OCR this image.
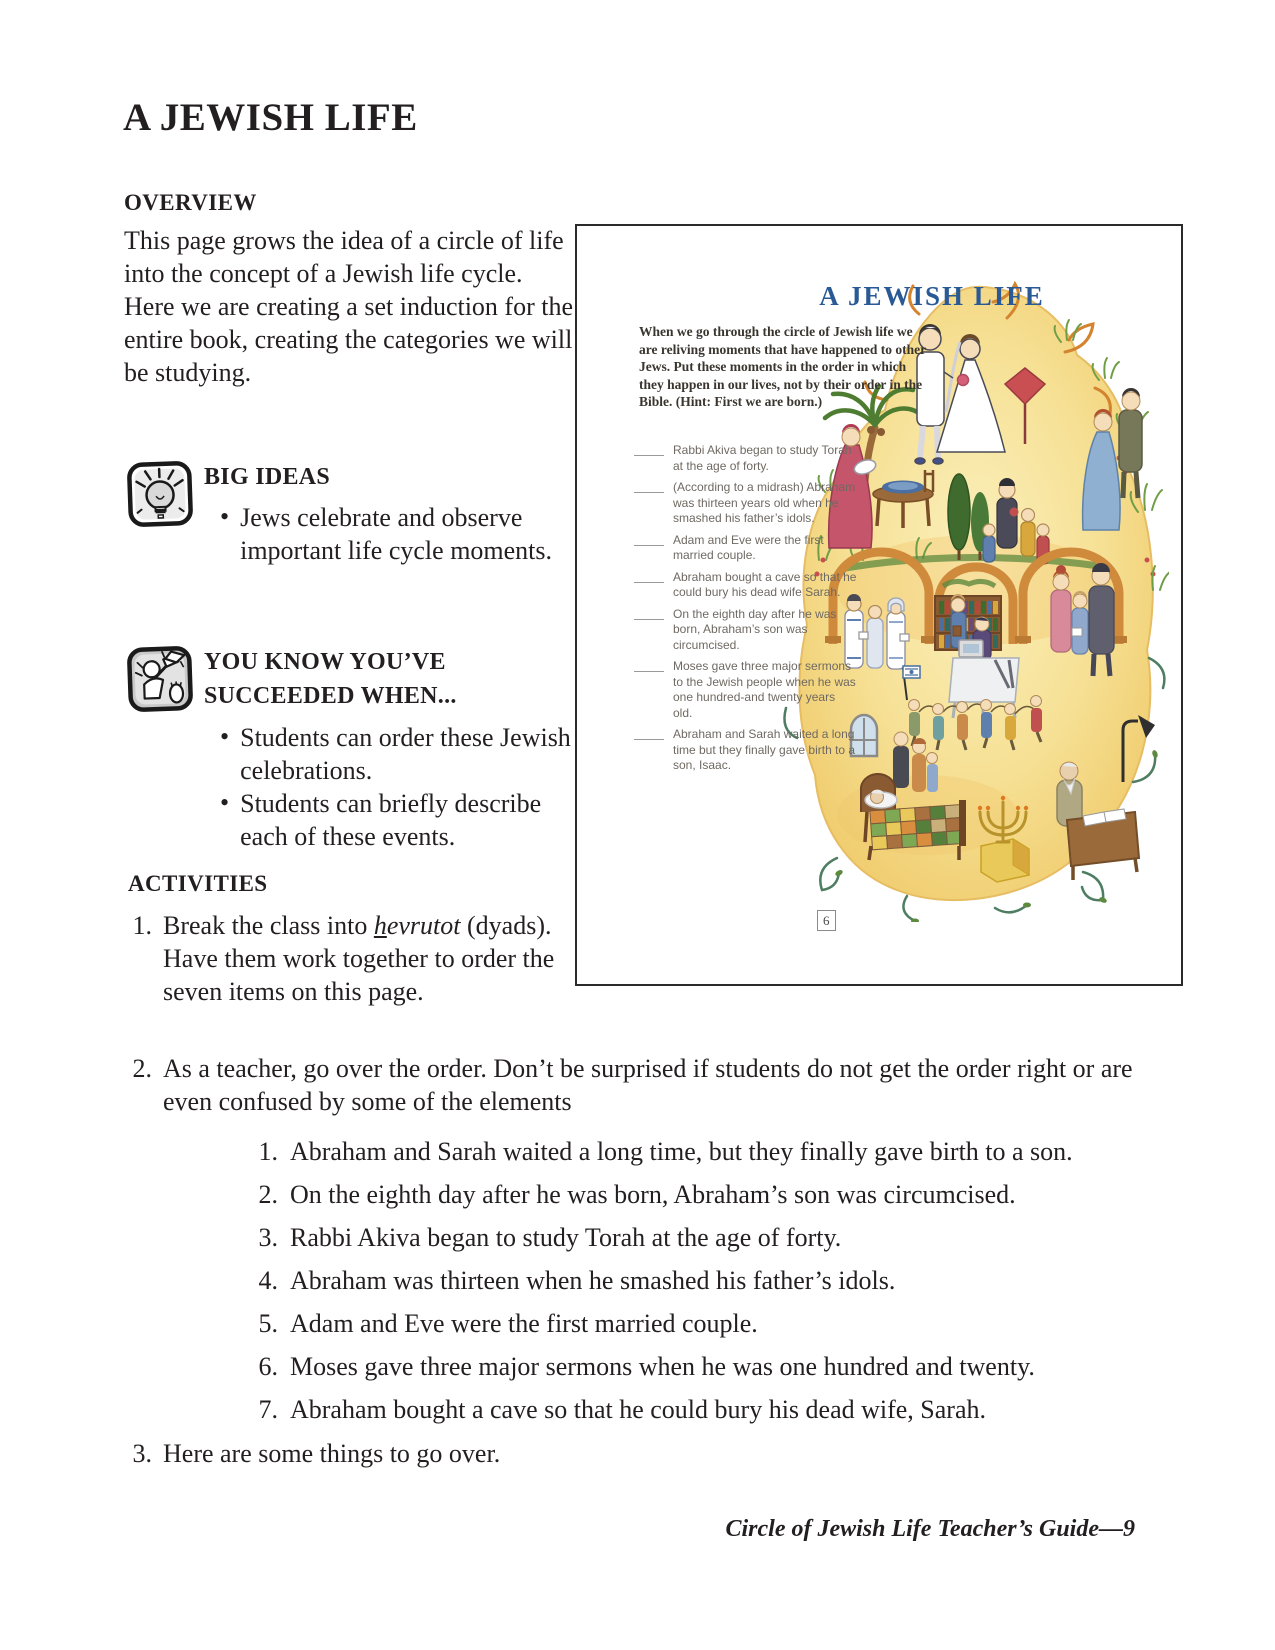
A JEWISH LIFE
OVERVIEW
This page grows the idea of a circle of life into the concept of a Jewish life cycle. Here we are creating a set induction for the entire book, creating the categories we will be studying.
BIG IDEAS
• Jews celebrate and observe important life cycle moments.
YOU KNOW YOU’VE SUCCEEDED WHEN...
• Students can order these Jewish celebrations.
• Students can briefly describe each of these events.
ACTIVITIES
1. Break the class into hevrutot (dyads). Have them work together to order the seven items on this page.
2. As a teacher, go over the order. Don’t be surprised if students do not get the order right or are even confused by some of the elements
1. Abraham and Sarah waited a long time, but they finally gave birth to a son.
2. On the eighth day after he was born, Abraham’s son was circumcised.
3. Rabbi Akiva began to study Torah at the age of forty.
4. Abraham was thirteen when he smashed his father’s idols.
5. Adam and Eve were the first married couple.
6. Moses gave three major sermons when he was one hundred and twenty.
7. Abraham bought a cave so that he could bury his dead wife, Sarah.
3. Here are some things to go over.
Circle of Jewish Life Teacher’s Guide—9
A JEWISH LIFE
When we go through the circle of Jewish life we are reliving moments that have happened to other Jews. Put these moments in the order in which they happen in our lives, not by their order in the Bible. (Hint: First we are born.)
Rabbi Akiva began to study Torah at the age of forty.
(According to a midrash) Abraham was thirteen years old when he smashed his father’s idols.
Adam and Eve were the first married couple.
Abraham bought a cave so that he could bury his dead wife Sarah.
On the eighth day after he was born, Abraham’s son was circumcised.
Moses gave three major sermons to the Jewish people when he was one hundred-and twenty years old.
Abraham and Sarah waited a long time but they finally gave birth to a son, Isaac.
6
